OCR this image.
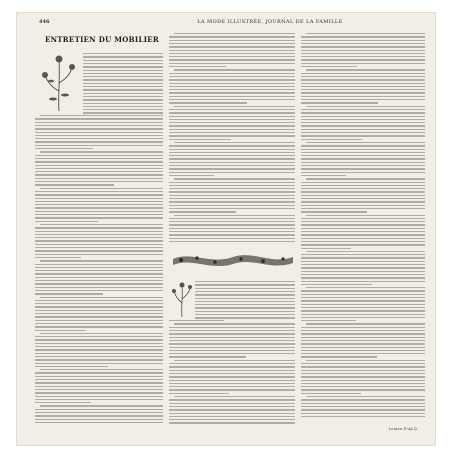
446	LA MODE ILLUSTRÉE, JOURNAL DE LA FAMILLE
ENTRETIEN DU MOBILIER
Louise D'ALQ
